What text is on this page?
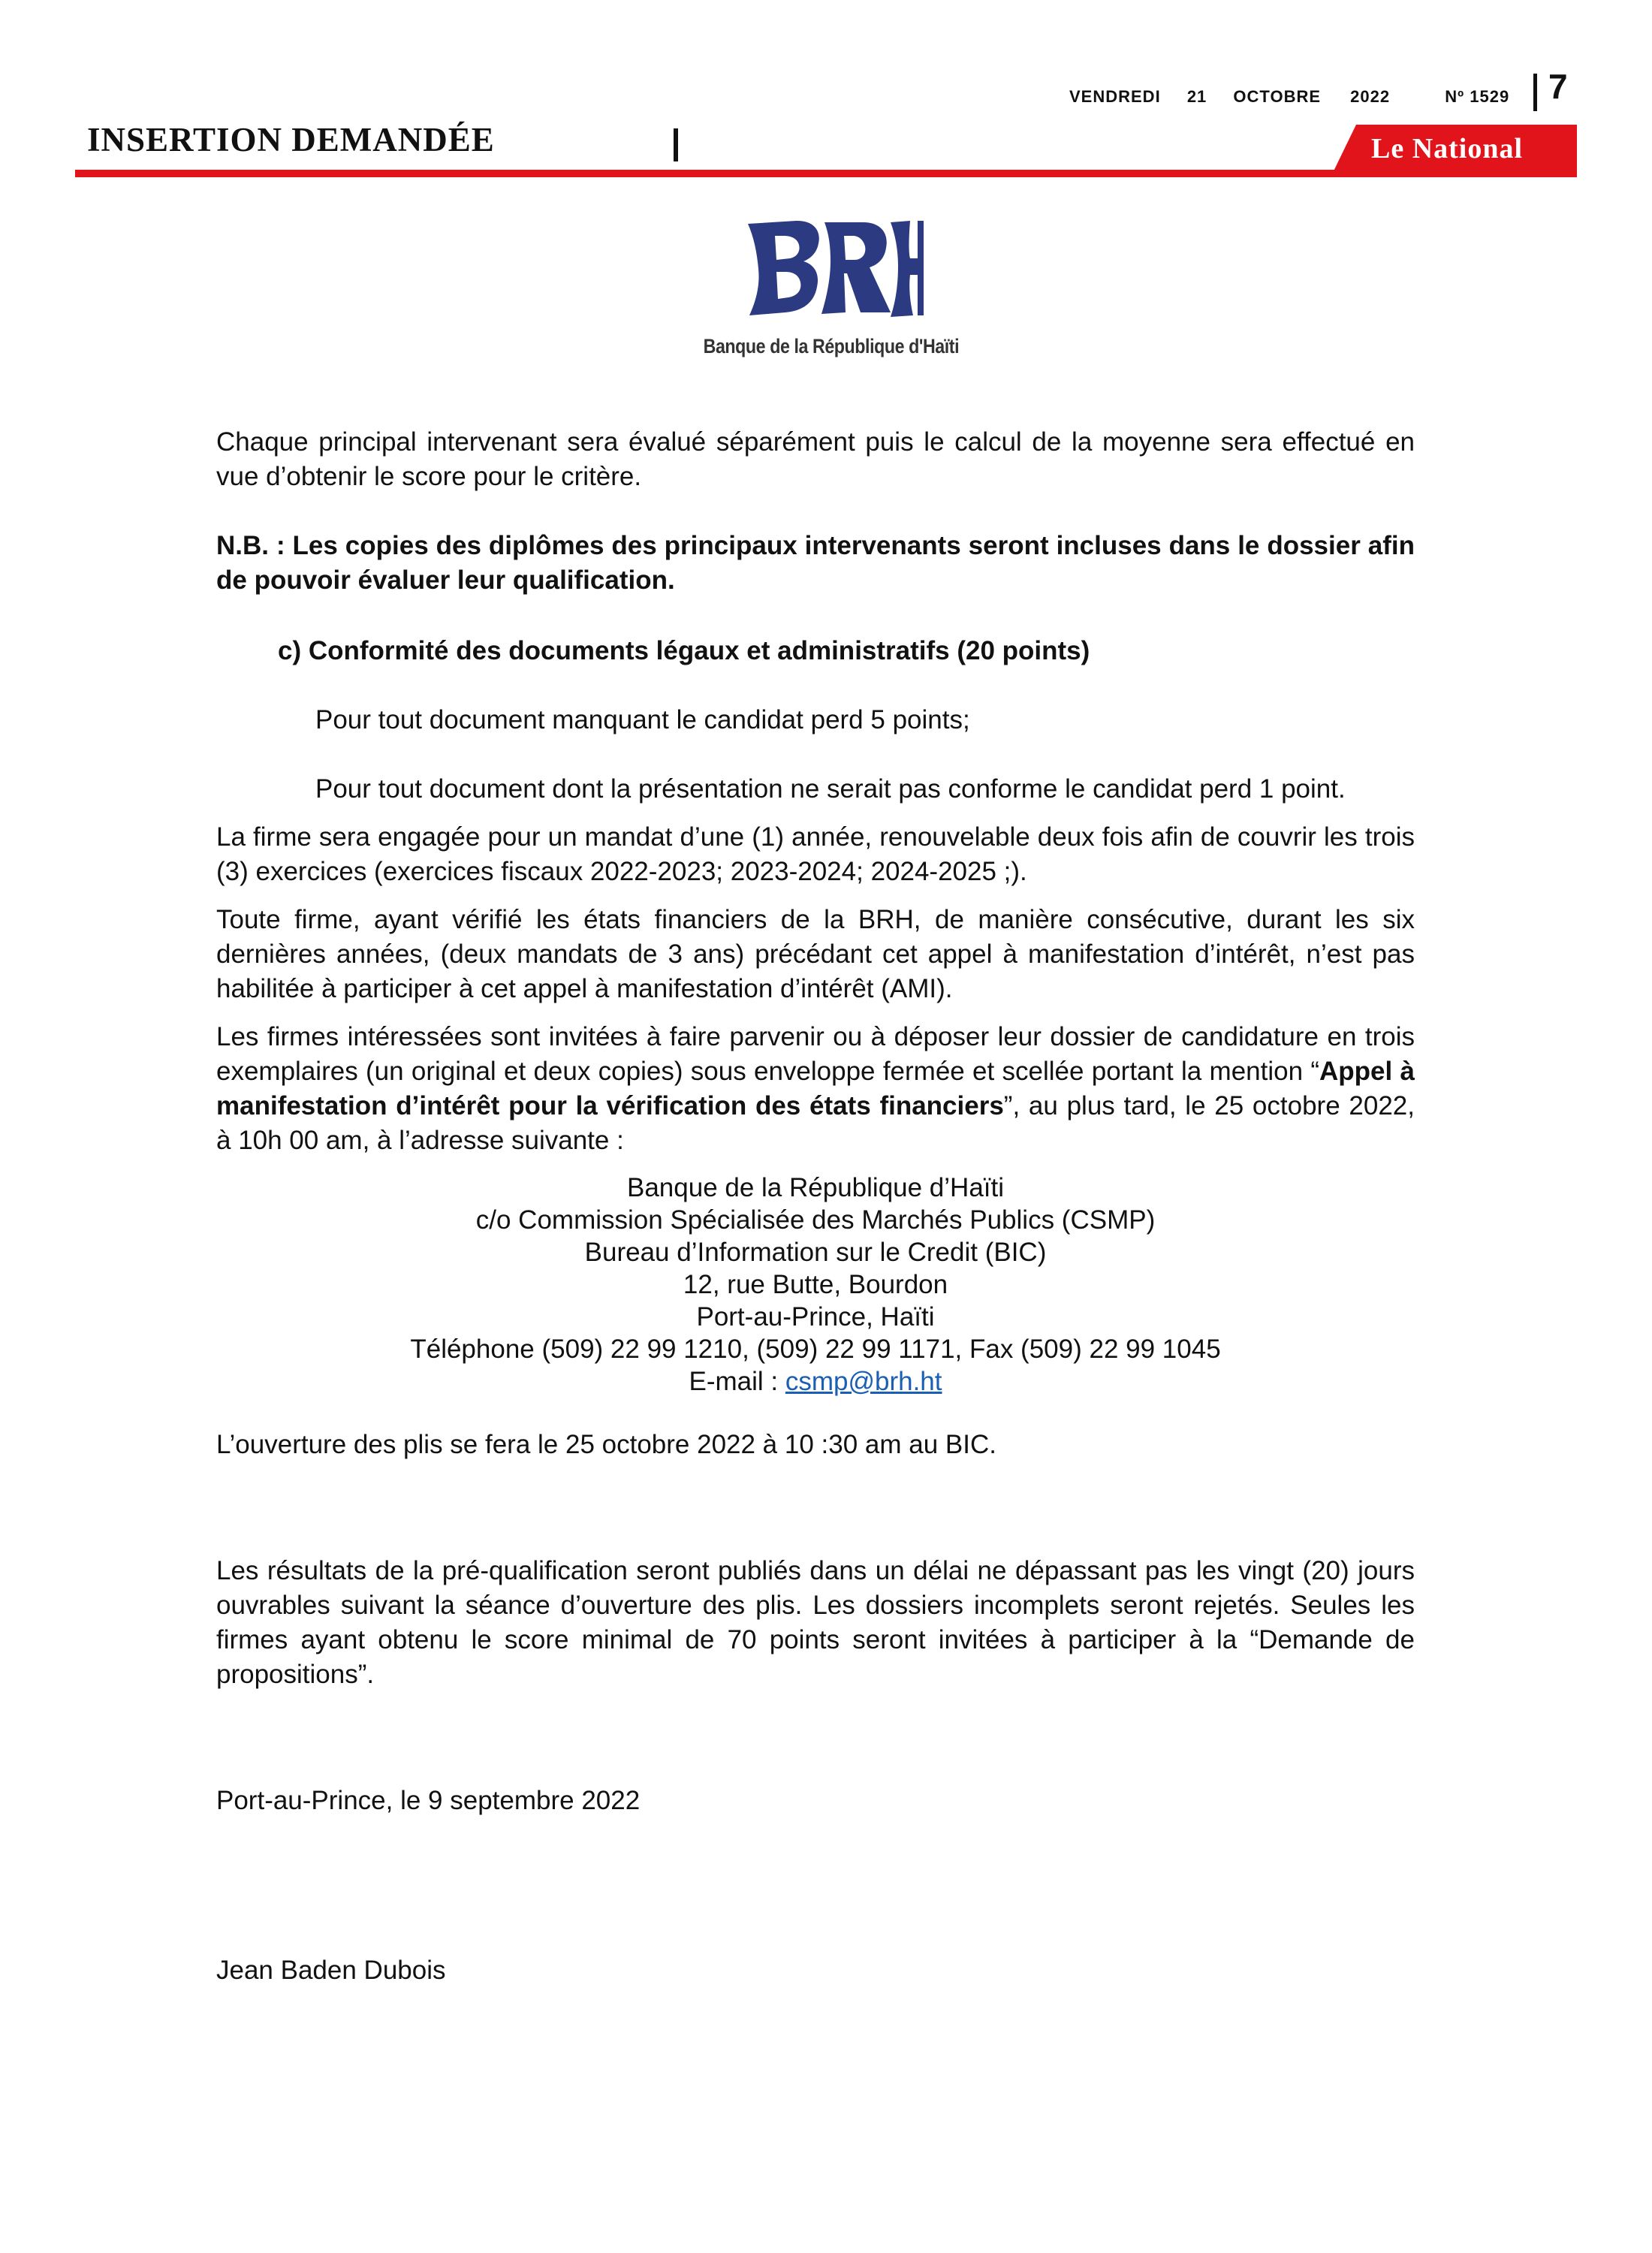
VENDREDI 21 OCTOBRE 2022	Nº 1529 7
INSERTION DEMANDÉE	Le National
Banque de la République d'Haïti

Chaque principal intervenant sera évalué séparément puis le calcul de la moyenne sera effectué en vue d’obtenir le score pour le critère.

N.B. : Les copies des diplômes des principaux intervenants seront incluses dans le dossier afin de pouvoir évaluer leur qualification.

c) Conformité des documents légaux et administratifs (20 points)

Pour tout document manquant le candidat perd 5 points;

Pour tout document dont la présentation ne serait pas conforme le candidat perd 1 point.

La firme sera engagée pour un mandat d’une (1) année, renouvelable deux fois afin de couvrir les trois (3) exercices (exercices fiscaux 2022-2023; 2023-2024; 2024-2025 ;).

Toute firme, ayant vérifié les états financiers de la BRH, de manière consécutive, durant les six dernières années, (deux mandats de 3 ans) précédant cet appel à manifestation d’intérêt, n’est pas habilitée à participer à cet appel à manifestation d’intérêt (AMI).

Les firmes intéressées sont invitées à faire parvenir ou à déposer leur dossier de candidature en trois exemplaires (un original et deux copies) sous enveloppe fermée et scellée portant la mention “Appel à manifestation d’intérêt pour la vérification des états financiers”, au plus tard, le 25 octobre 2022, à 10h 00 am, à l’adresse suivante :

Banque de la République d’Haïti
c/o Commission Spécialisée des Marchés Publics (CSMP)
Bureau d’Information sur le Credit (BIC)
12, rue Butte, Bourdon
Port-au-Prince, Haïti
Téléphone (509) 22 99 1210, (509) 22 99 1171, Fax (509) 22 99 1045
E-mail : csmp@brh.ht

L’ouverture des plis se fera le 25 octobre 2022 à 10 :30 am au BIC.

Les résultats de la pré-qualification seront publiés dans un délai ne dépassant pas les vingt (20) jours ouvrables suivant la séance d’ouverture des plis. Les dossiers incomplets seront rejetés. Seules les firmes ayant obtenu le score minimal de 70 points seront invitées à participer à la “Demande de propositions”.

Port-au-Prince, le 9 septembre 2022

Jean Baden Dubois
